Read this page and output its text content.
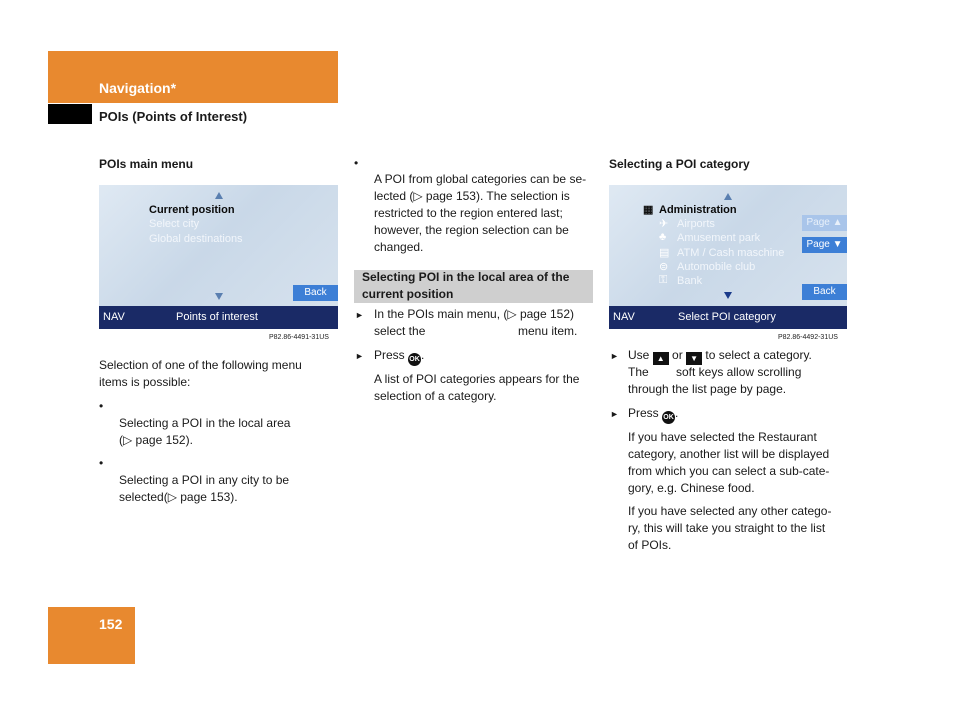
Navigation*
POIs (Points of Interest)
POIs main menu
Current position
Select city
Global destinations
Back
NAV	Points of interest
P82.86-4491-31US
Selection of one of the following menu
items is possible:
•
Selecting a POI in the local area
(▷ page 152).
•
Selecting a POI in any city to be
selected(▷ page 153).
•
A POI from global categories can be se-
lected (▷ page 153). The selection is
restricted to the region entered last;
however, the region selection can be
changed.
Selecting POI in the local area of the
current position
► In the POIs main menu, (▷ page 152)
select the	menu item.
► Press OK.
A list of POI categories appears for the
selection of a category.
Selecting a POI category
▦ Administration
✈ Airports
♣ Amusement park
▤ ATM / Cash maschine
⊜ Automobile club
⚿ Bank
Page ▲
Page ▼
Back
NAV	Select POI category
P82.86-4492-31US
► Use ▲ or ▼ to select a category.
The soft keys allow scrolling
through the list page by page.
► Press OK.
If you have selected the Restaurant
category, another list will be displayed
from which you can select a sub-cate-
gory, e.g. Chinese food.
If you have selected any other catego-
ry, this will take you straight to the list
of POIs.
152
